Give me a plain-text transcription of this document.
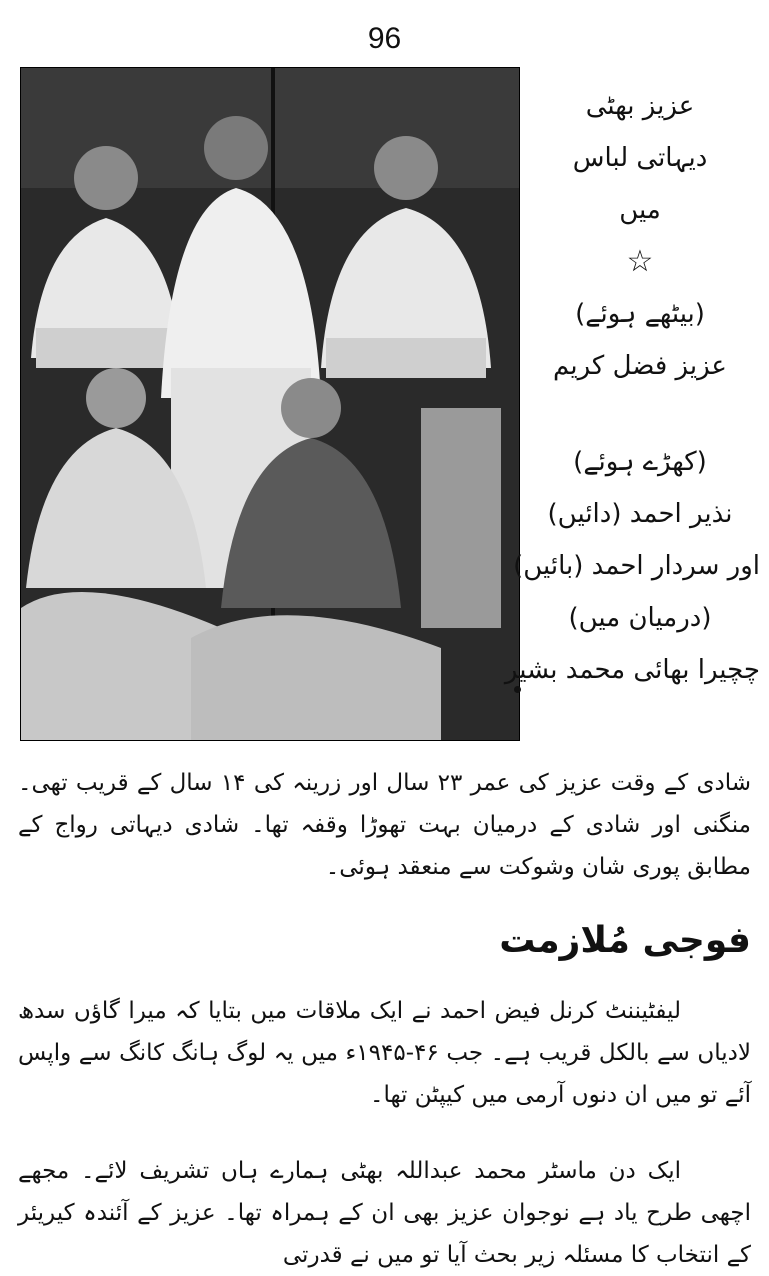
96
عزیز بھٹی
دیہاتی لباس
میں
☆
(بیٹھے ہوئے)
عزیز فضل کریم
(کھڑے ہوئے)
نذیر احمد (دائیں)
اور سردار احمد (بائیں)
(درمیان میں)
چچیرا بھائی محمد بشیر
شادی کے وقت عزیز کی عمر ۲۳ سال اور زرینہ کی ۱۴ سال کے قریب تھی۔ منگنی اور شادی کے درمیان بہت تھوڑا وقفہ تھا۔ شادی دیہاتی رواج کے مطابق پوری شان وشوکت سے منعقد ہوئی۔
فوجی مُلازمت
لیفٹیننٹ کرنل فیض احمد نے ایک ملاقات میں بتایا کہ میرا گاؤں سدھ لادیاں سے بالکل قریب ہے۔ جب ۴۶-۱۹۴۵ء میں یہ لوگ ہانگ کانگ سے واپس آئے تو میں ان دنوں آرمی میں کیپٹن تھا۔
ایک دن ماسٹر محمد عبداللہ بھٹی ہمارے ہاں تشریف لائے۔ مجھے اچھی طرح یاد ہے نوجوان عزیز بھی ان کے ہمراہ تھا۔ عزیز کے آئندہ کیریئر کے انتخاب کا مسئلہ زیر بحث آیا تو میں نے قدرتی
